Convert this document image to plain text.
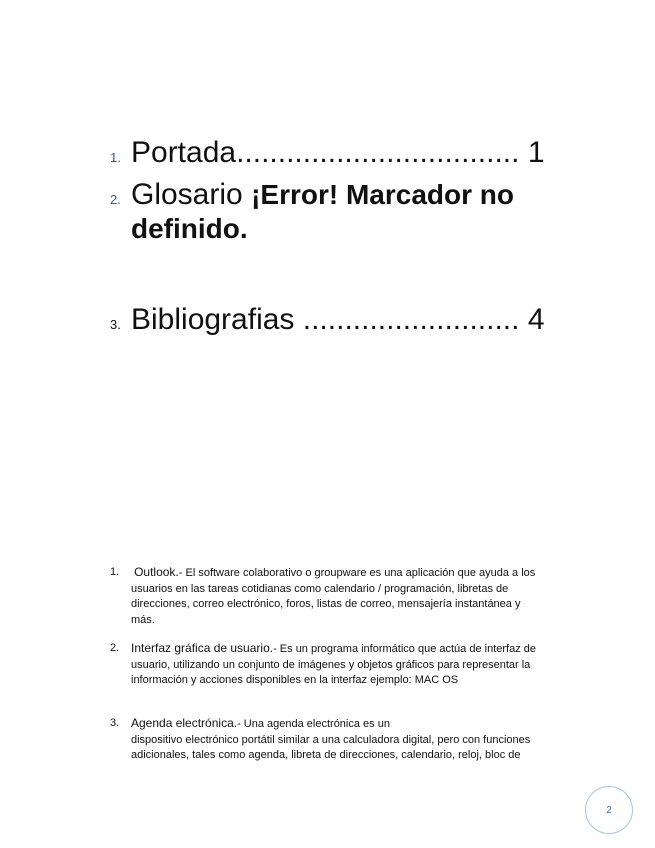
1. Portada.................................. 1
2. Glosario ¡Error! Marcador no
definido.
3. Bibliografias .......................... 4
1. Outlook.- El software colaborativo o groupware es una aplicación que ayuda a los
usuarios en las tareas cotidianas como calendario / programación, libretas de
direcciones, correo electrónico, foros, listas de correo, mensajería instantánea y
más.
2. Interfaz gráfica de usuario.- Es un programa informático que actúa de interfaz de
usuario, utilizando un conjunto de imágenes y objetos gráficos para representar la
información y acciones disponibles en la interfaz ejemplo: MAC OS
3. Agenda electrónica.- Una agenda electrónica es un
dispositivo electrónico portátil similar a una calculadora digital, pero con funciones
adicionales, tales como agenda, libreta de direcciones, calendario, reloj, bloc de
2
